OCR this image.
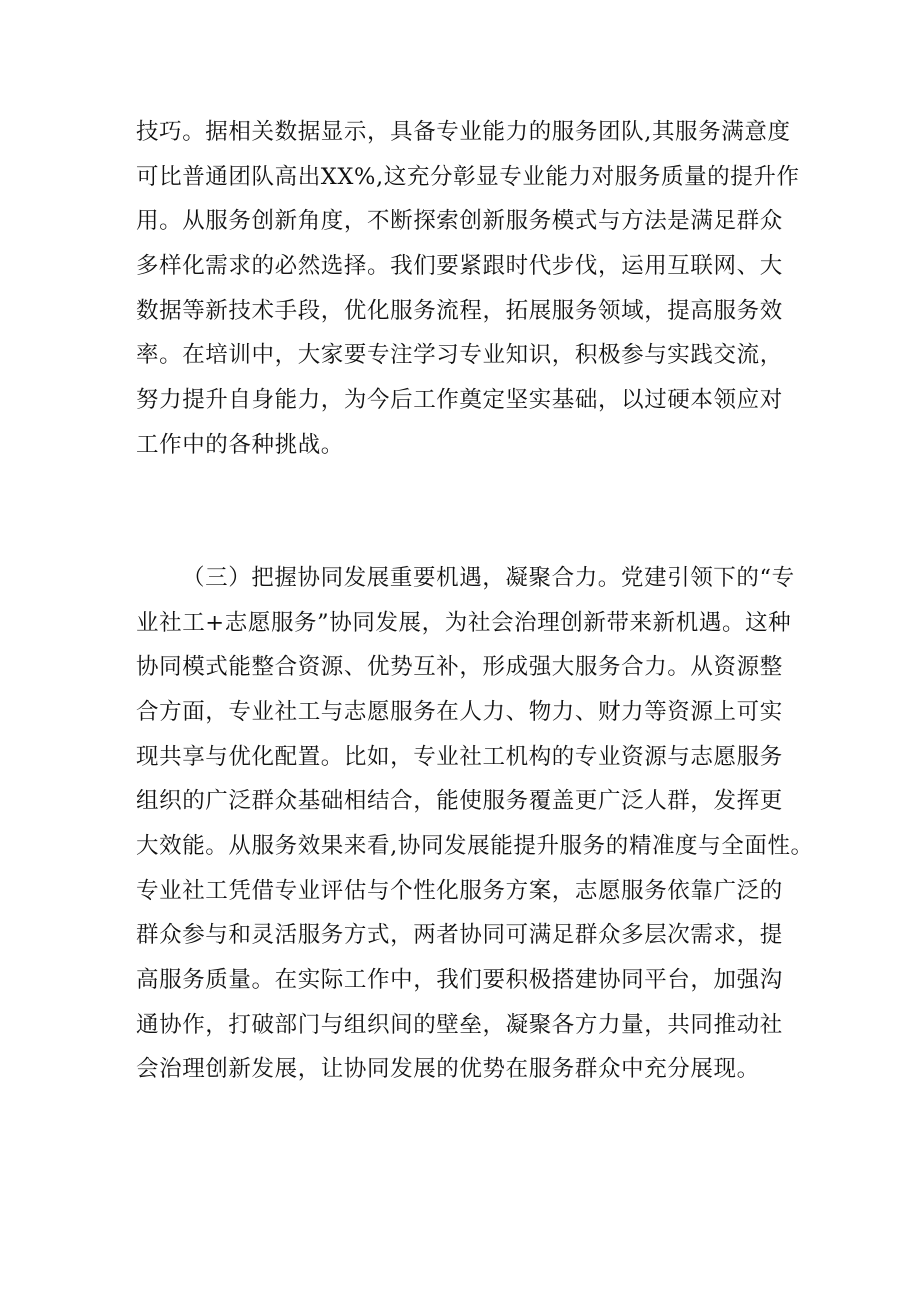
技巧。据相关数据显示，具备专业能力的服务团队,其服务满意度
可比普通团队高出XX%,这充分彰显专业能力对服务质量的提升作
用。从服务创新角度，不断探索创新服务模式与方法是满足群众
多样化需求的必然选择。我们要紧跟时代步伐，运用互联网、大
数据等新技术手段，优化服务流程，拓展服务领域，提高服务效
率。在培训中，大家要专注学习专业知识，积极参与实践交流，
努力提升自身能力，为今后工作奠定坚实基础，以过硬本领应对
工作中的各种挑战。
（三）把握协同发展重要机遇，凝聚合力。党建引领下的“专
业社工+志愿服务”协同发展，为社会治理创新带来新机遇。这种
协同模式能整合资源、优势互补，形成强大服务合力。从资源整
合方面，专业社工与志愿服务在人力、物力、财力等资源上可实
现共享与优化配置。比如，专业社工机构的专业资源与志愿服务
组织的广泛群众基础相结合，能使服务覆盖更广泛人群，发挥更
大效能。从服务效果来看,协同发展能提升服务的精准度与全面性。
专业社工凭借专业评估与个性化服务方案，志愿服务依靠广泛的
群众参与和灵活服务方式，两者协同可满足群众多层次需求，提
高服务质量。在实际工作中，我们要积极搭建协同平台，加强沟
通协作，打破部门与组织间的壁垒，凝聚各方力量，共同推动社
会治理创新发展，让协同发展的优势在服务群众中充分展现。
